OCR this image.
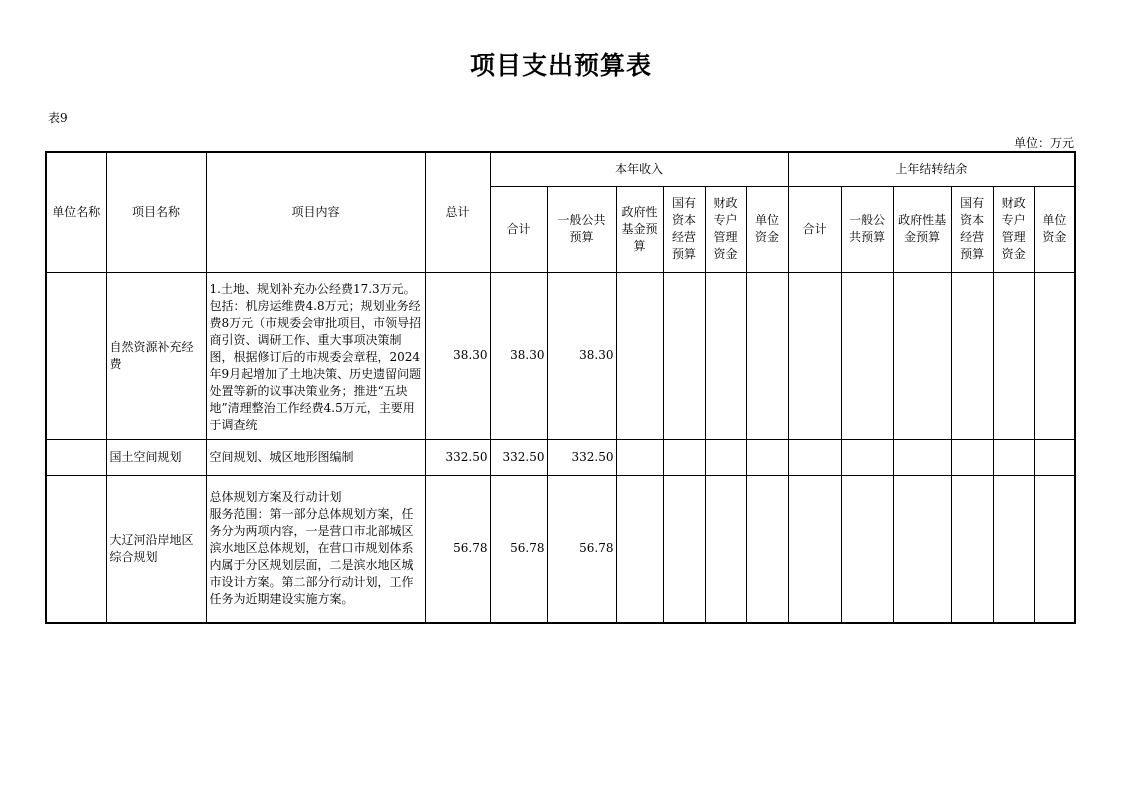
项目支出预算表
表9
单位：万元
单位名称	项目名称	项目内容	总计	本年收入						上年结转结余					
				合计	一般公共预算	政府性基金预算	国有资本经营预算	财政专户管理资金	单位资金	合计	一般公共预算	政府性基金预算	国有资本经营预算	财政专户管理资金	单位资金
	自然资源补充经费	1.土地、规划补充办公经费17.3万元。包括：机房运维费4.8万元；规划业务经费8万元（市规委会审批项目，市领导招商引资、调研工作、重大事项决策制图，根据修订后的市规委会章程，2024年9月起增加了土地决策、历史遗留问题处置等新的议事决策业务；推进“五块地”清理整治工作经费4.5万元，主要用于调查统	38.30	38.30	38.30										
	国土空间规划	空间规划、城区地形图编制	332.50	332.50	332.50										
	大辽河沿岸地区综合规划	总体规划方案及行动计划
服务范围：第一部分总体规划方案，任务分为两项内容，一是营口市北部城区滨水地区总体规划，在营口市规划体系内属于分区规划层面，二是滨水地区城市设计方案。第二部分行动计划，工作任务为近期建设实施方案。	56.78	56.78	56.78										
